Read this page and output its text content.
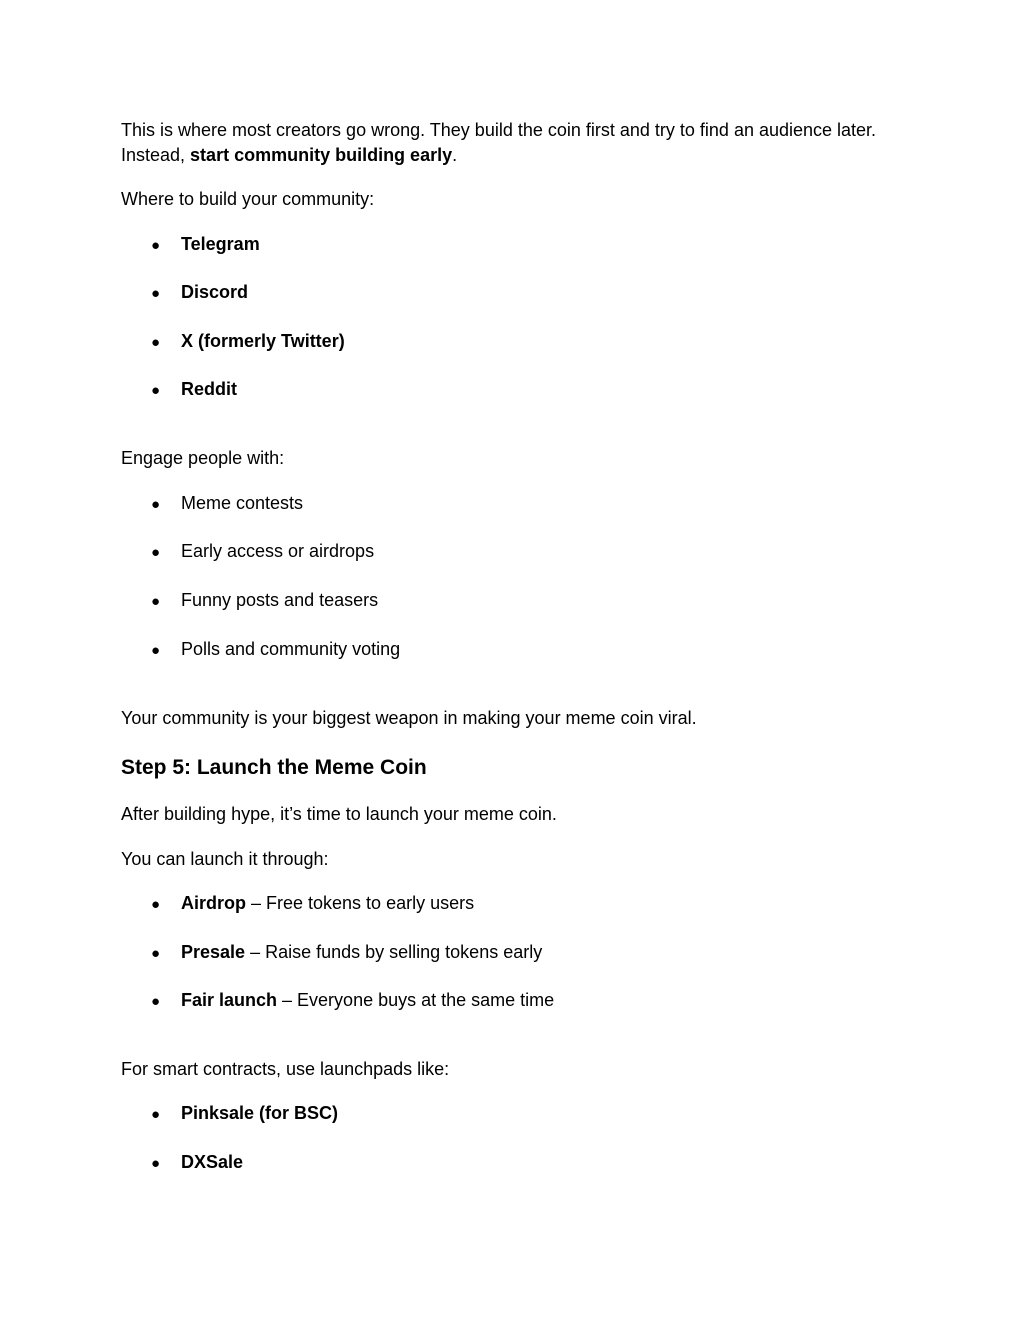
This is where most creators go wrong. They build the coin first and try to find an audience later.
Instead, start community building early.

Where to build your community:

● Telegram
● Discord
● X (formerly Twitter)
● Reddit

Engage people with:

● Meme contests
● Early access or airdrops
● Funny posts and teasers
● Polls and community voting

Your community is your biggest weapon in making your meme coin viral.

Step 5: Launch the Meme Coin

After building hype, it’s time to launch your meme coin.

You can launch it through:

● Airdrop – Free tokens to early users
● Presale – Raise funds by selling tokens early
● Fair launch – Everyone buys at the same time

For smart contracts, use launchpads like:

● Pinksale (for BSC)
● DXSale
